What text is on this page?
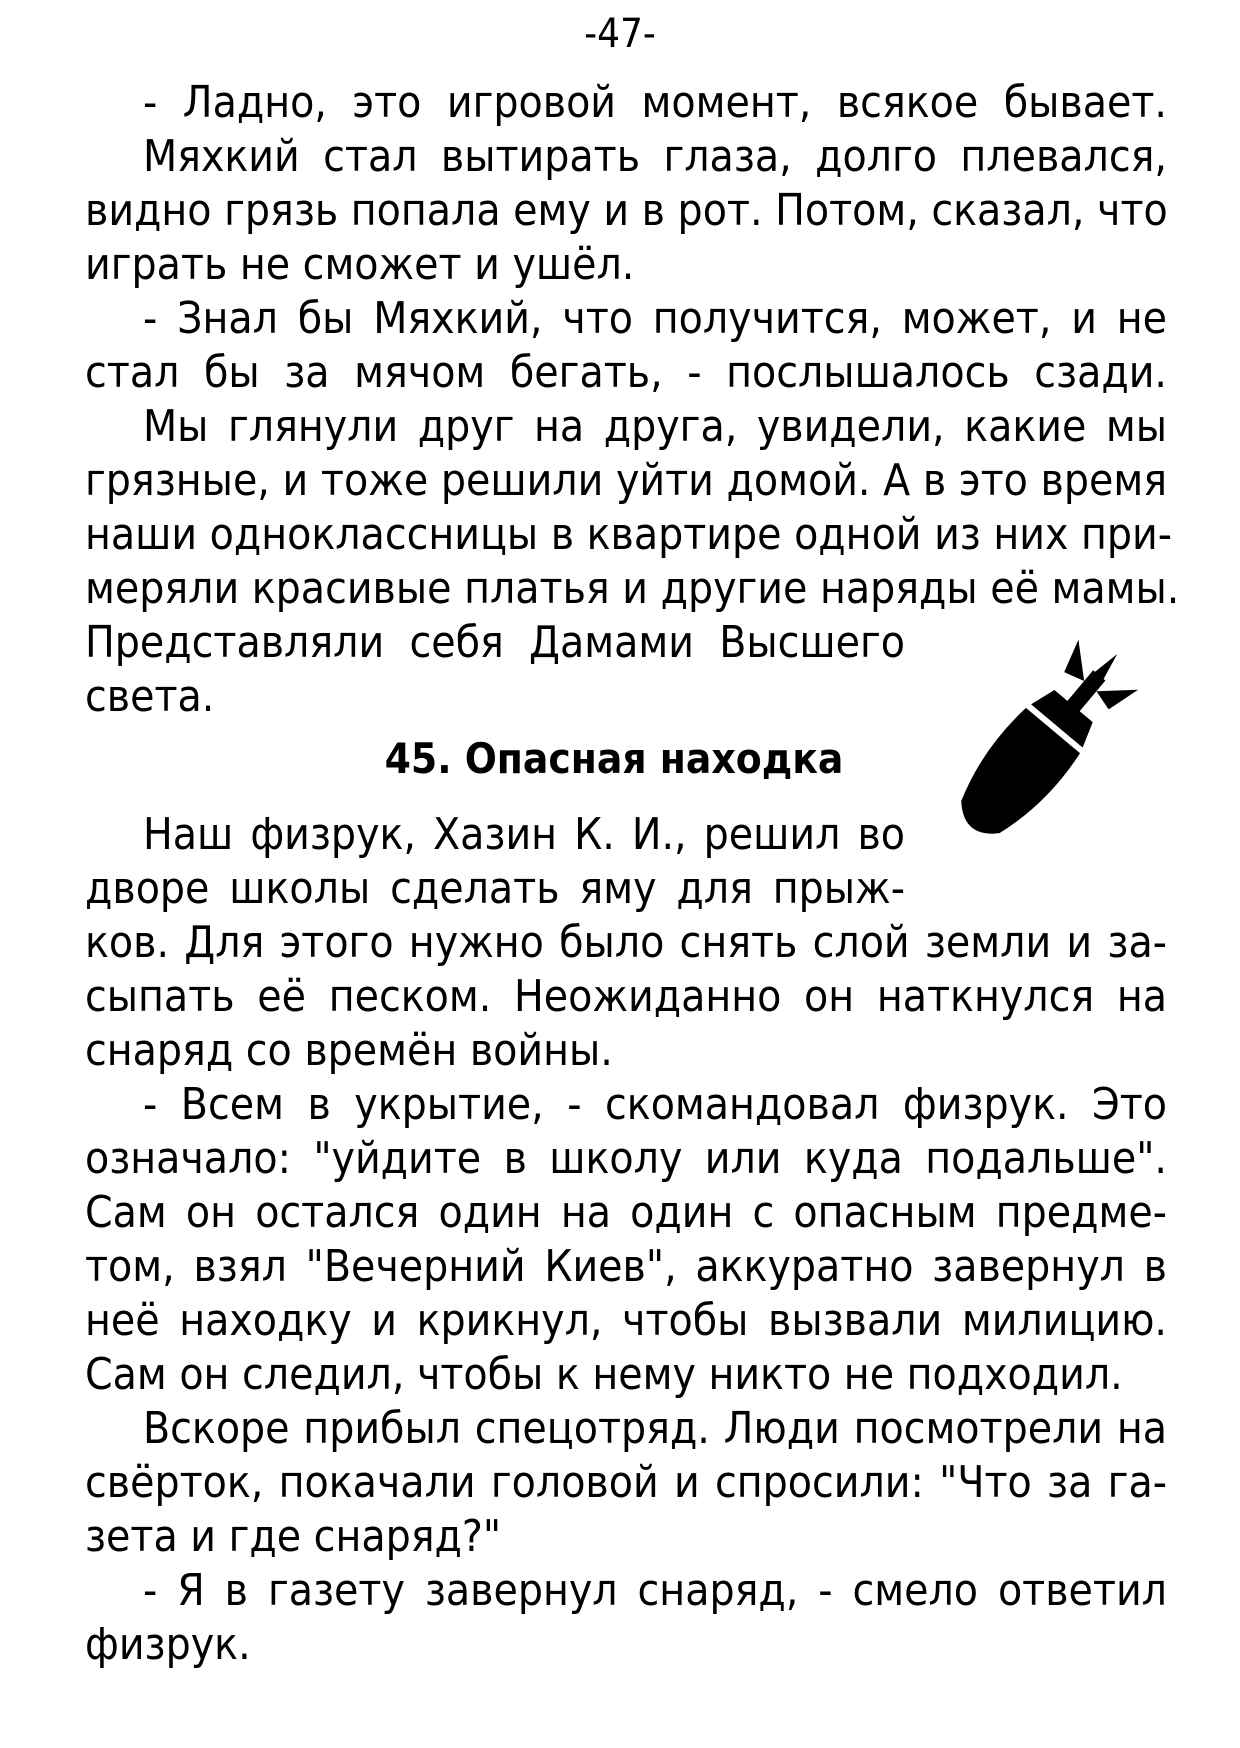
-47-
- Ладно, это игровой момент, всякое бывает.
Мяхкий стал вытирать глаза, долго плевался,
видно грязь попала ему и в рот. Потом, сказал, что
играть не сможет и ушёл.
- Знал бы Мяхкий, что получится, может, и не
стал бы за мячом бегать, - послышалось сзади.
Мы глянули друг на друга, увидели, какие мы
грязные, и тоже решили уйти домой. А в это время
наши одноклассницы в квартире одной из них при-
меряли красивые платья и другие наряды её мамы.
Представляли себя Дамами Высшего
света.
45. Опасная находка
Наш физрук, Хазин К. И., решил во
дворе школы сделать яму для прыж-
ков. Для этого нужно было снять слой земли и за-
сыпать её песком. Неожиданно он наткнулся на
снаряд со времён войны.
- Всем в укрытие, - скомандовал физрук. Это
означало: "уйдите в школу или куда подальше".
Сам он остался один на один с опасным предме-
том, взял "Вечерний Киев", аккуратно завернул в
неё находку и крикнул, чтобы вызвали милицию.
Сам он следил, чтобы к нему никто не подходил.
Вскоре прибыл спецотряд. Люди посмотрели на
свёрток, покачали головой и спросили: "Что за га-
зета и где снаряд?"
- Я в газету завернул снаряд, - смело ответил
физрук.
